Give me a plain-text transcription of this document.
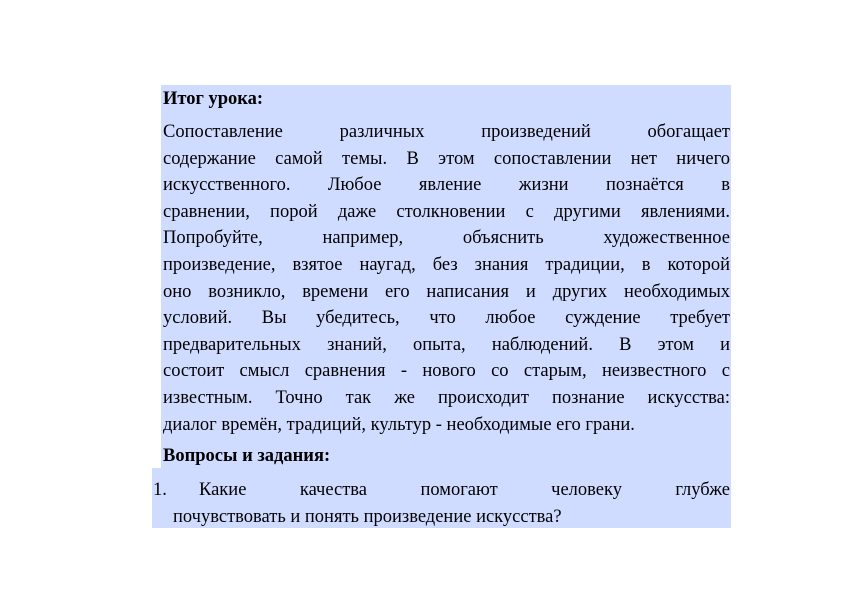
Итог урока:
Сопоставление различных произведений обогащает
содержание самой темы. В этом сопоставлении нет ничего
искусственного. Любое явление жизни познаётся в
сравнении, порой даже столкновении с другими явлениями.
Попробуйте, например, объяснить художественное
произведение, взятое наугад, без знания традиции, в которой
оно возникло, времени его написания и других необходимых
условий. Вы убедитесь, что любое суждение требует
предварительных знаний, опыта, наблюдений. В этом и
состоит смысл сравнения - нового со старым, неизвестного с
известным. Точно так же происходит познание искусства:
диалог времён, традиций, культур - необходимые его грани.
Вопросы и задания:
1. Какие качества помогают человеку глубже
почувствовать и понять произведение искусства?
